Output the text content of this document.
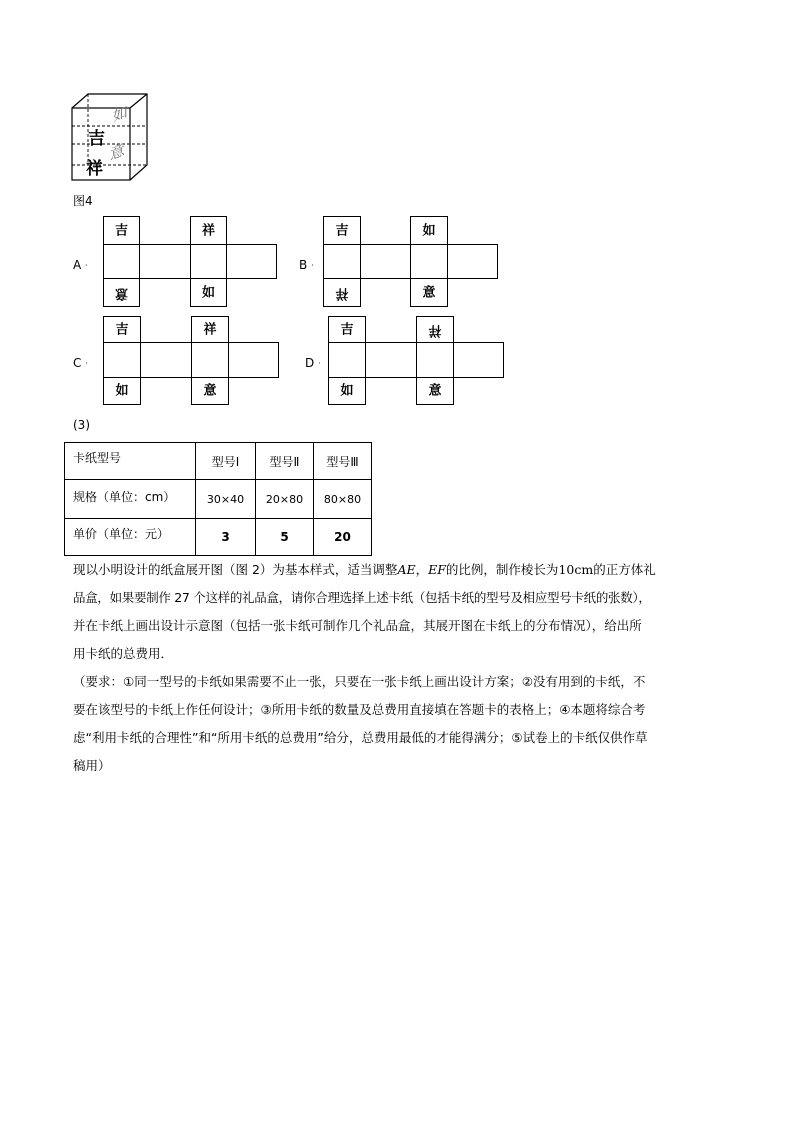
吉
祥
如
意
图4
A ·
吉	祥
意	如
B ·
吉	如
祥	意
C ·
吉	祥
如	意
D ·
吉	祥
如	意
(3)
卡纸型号	型号Ⅰ	型号Ⅱ	型号Ⅲ
规格（单位：cm）	30×40	20×80	80×80
单价（单位：元）	3	5	20

现以小明设计的纸盒展开图（图 2）为基本样式，适当调整AE，EF的比例，制作棱长为10cm的正方体礼

品盒，如果要制作 27 个这样的礼品盒，请你合理选择上述卡纸（包括卡纸的型号及相应型号卡纸的张数），

并在卡纸上画出设计示意图（包括一张卡纸可制作几个礼品盒，其展开图在卡纸上的分布情况），给出所

用卡纸的总费用．

（要求：①同一型号的卡纸如果需要不止一张，只要在一张卡纸上画出设计方案；②没有用到的卡纸，不

要在该型号的卡纸上作任何设计；③所用卡纸的数量及总费用直接填在答题卡的表格上；④本题将综合考

虑“利用卡纸的合理性”和“所用卡纸的总费用”给分，总费用最低的才能得满分；⑤试卷上的卡纸仅供作草

稿用）
